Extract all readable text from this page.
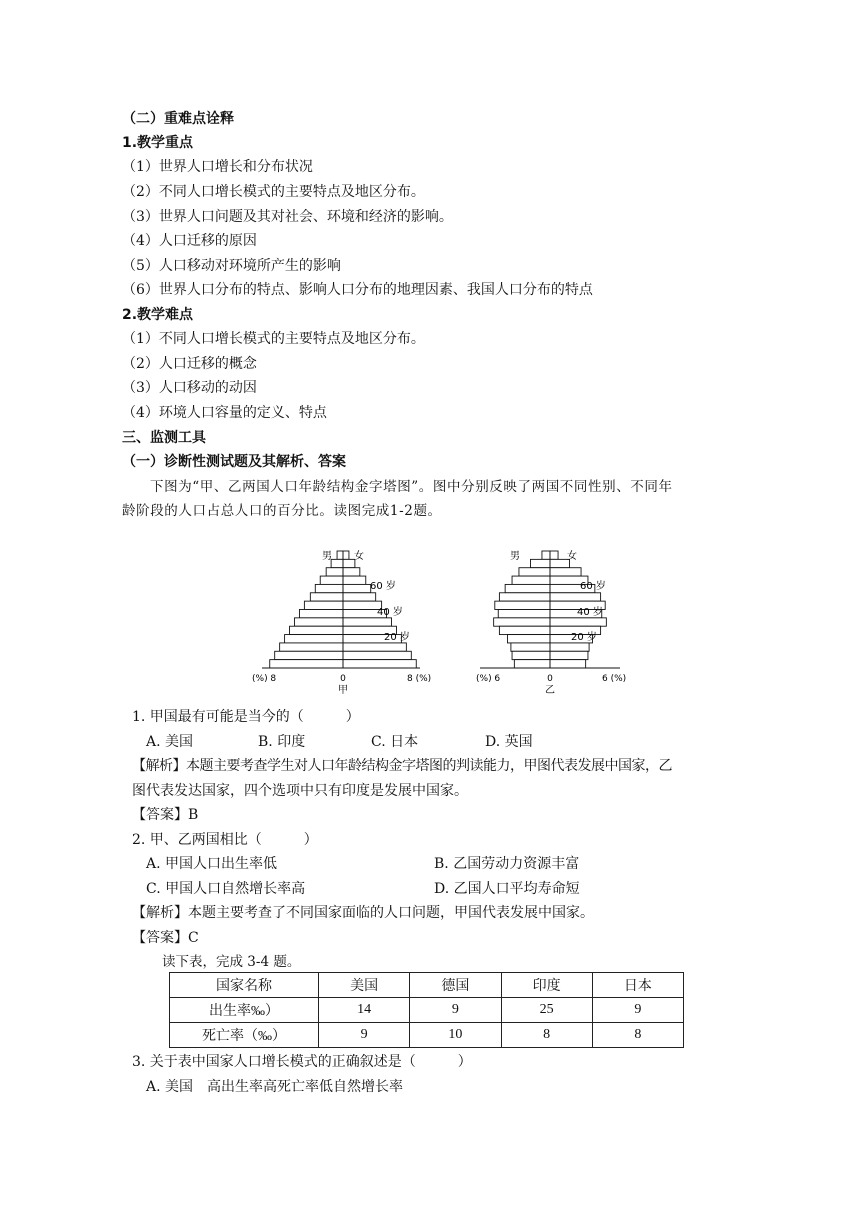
（二）重难点诠释
1.教学重点
（1）世界人口增长和分布状况
（2）不同人口增长模式的主要特点及地区分布。
（3）世界人口问题及其对社会、环境和经济的影响。
（4）人口迁移的原因
（5）人口移动对环境所产生的影响
（6）世界人口分布的特点、影响人口分布的地理因素、我国人口分布的特点
2.教学难点
（1）不同人口增长模式的主要特点及地区分布。
（2）人口迁移的概念
（3）人口移动的动因
（4）环境人口容量的定义、特点
三、监测工具
（一）诊断性测试题及其解析、答案
下图为“甲、乙两国人口年龄结构金字塔图”。图中分别反映了两国不同性别、不同年
龄阶段的人口占总人口的百分比。读图完成1-2题。
男 女
60 岁
40 岁
20 岁
(%) 8	0	8 (%)
甲
男	女
60 岁
40 岁
20 岁
(%) 6	0	6 (%)
乙
1. 甲国最有可能是当今的（　　　）
A. 美国	B. 印度	C. 日本	D. 英国
【解析】本题主要考查学生对人口年龄结构金字塔图的判读能力，甲图代表发展中国家，乙
图代表发达国家，四个选项中只有印度是发展中国家。
【答案】B
2. 甲、乙两国相比（　　　）
A. 甲国人口出生率低	B. 乙国劳动力资源丰富
C. 甲国人口自然增长率高	D. 乙国人口平均寿命短
【解析】本题主要考查了不同国家面临的人口问题，甲国代表发展中国家。
【答案】C
读下表，完成 3-4 题。
国家名称	美国	德国	印度	日本
出生率‰）	14	9	25	9
死亡率（‰）	9	10	8	8
3. 关于表中国家人口增长模式的正确叙述是（　　　）
A. 美国　高出生率高死亡率低自然增长率
